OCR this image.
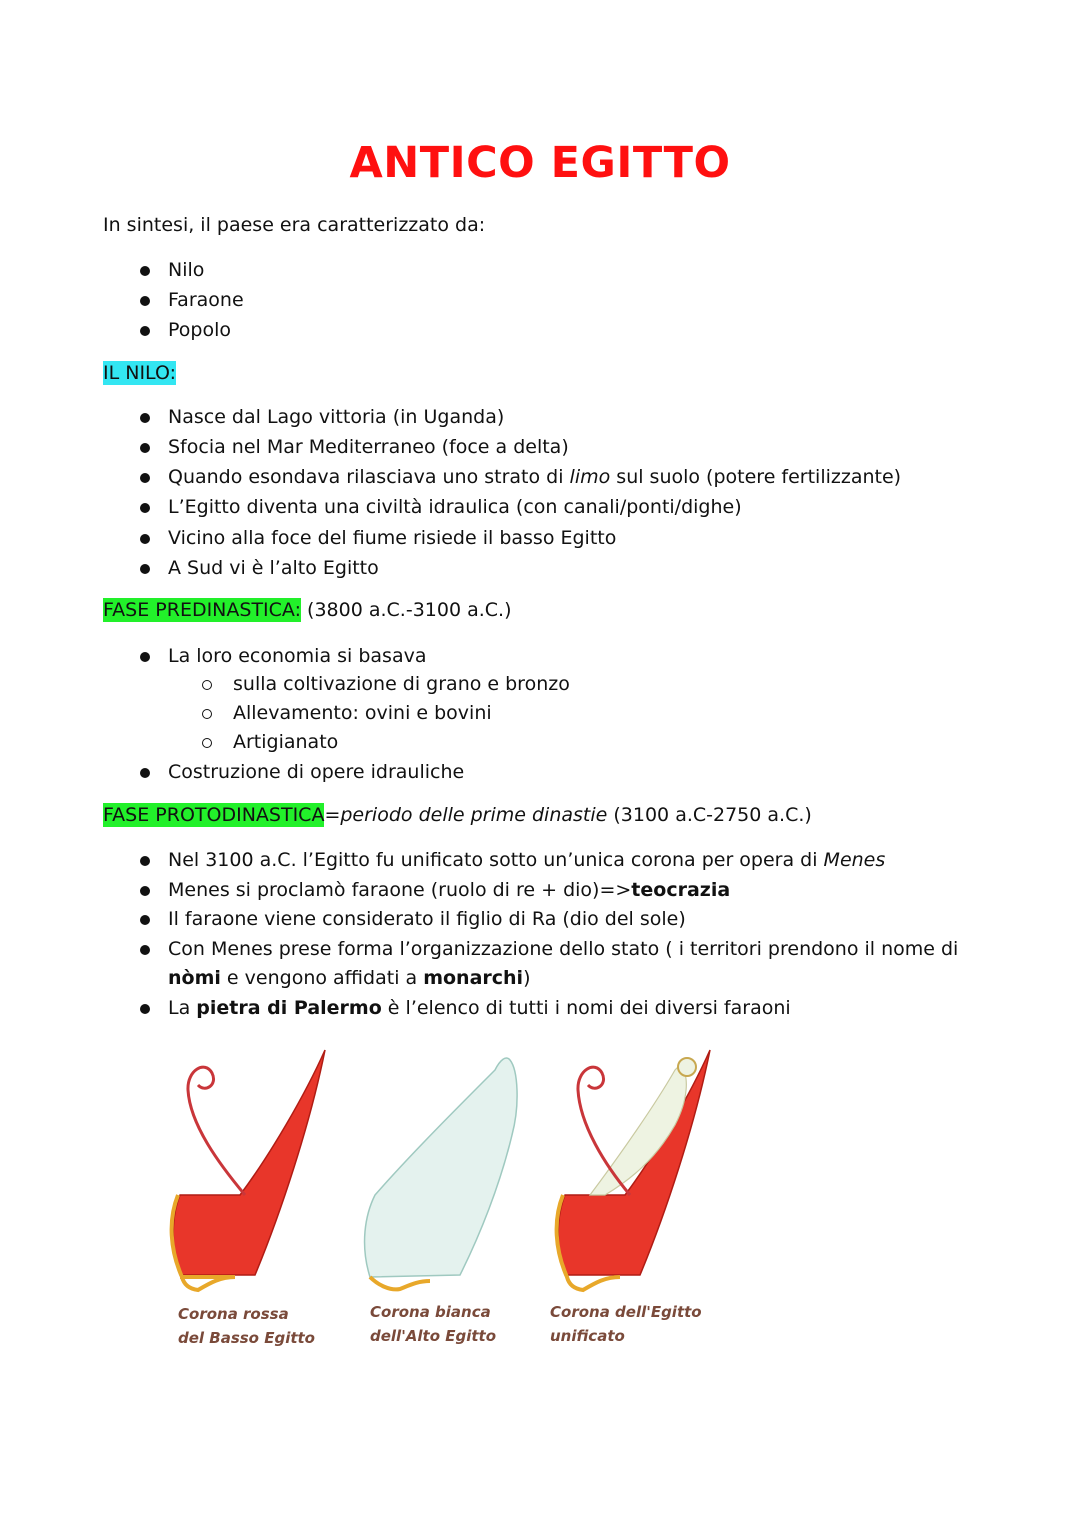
ANTICO EGITTO
In sintesi, il paese era caratterizzato da:
Nilo
Faraone
Popolo
IL NILO:
Nasce dal Lago vittoria (in Uganda)
Sfocia nel Mar Mediterraneo (foce a delta)
Quando esondava rilasciava uno strato di limo sul suolo (potere fertilizzante)
L’Egitto diventa una civiltà idraulica (con canali/ponti/dighe)
Vicino alla foce del fiume risiede il basso Egitto
A Sud vi è l’alto Egitto
FASE PREDINASTICA: (3800 a.C.-3100 a.C.)
La loro economia si basava
sulla coltivazione di grano e bronzo
Allevamento: ovini e bovini
Artigianato
Costruzione di opere idrauliche
FASE PROTODINASTICA=periodo delle prime dinastie (3100 a.C-2750 a.C.)
Nel 3100 a.C. l’Egitto fu unificato sotto un’unica corona per opera di Menes
Menes si proclamò faraone (ruolo di re + dio)=>teocrazia
Il faraone viene considerato il figlio di Ra (dio del sole)
Con Menes prese forma l’organizzazione dello stato ( i territori prendono il nome di
nòmi e vengono affidati a monarchi)
La pietra di Palermo è l’elenco di tutti i nomi dei diversi faraoni
Corona rossa
del Basso Egitto
Corona bianca
dell'Alto Egitto
Corona dell'Egitto
unificato
